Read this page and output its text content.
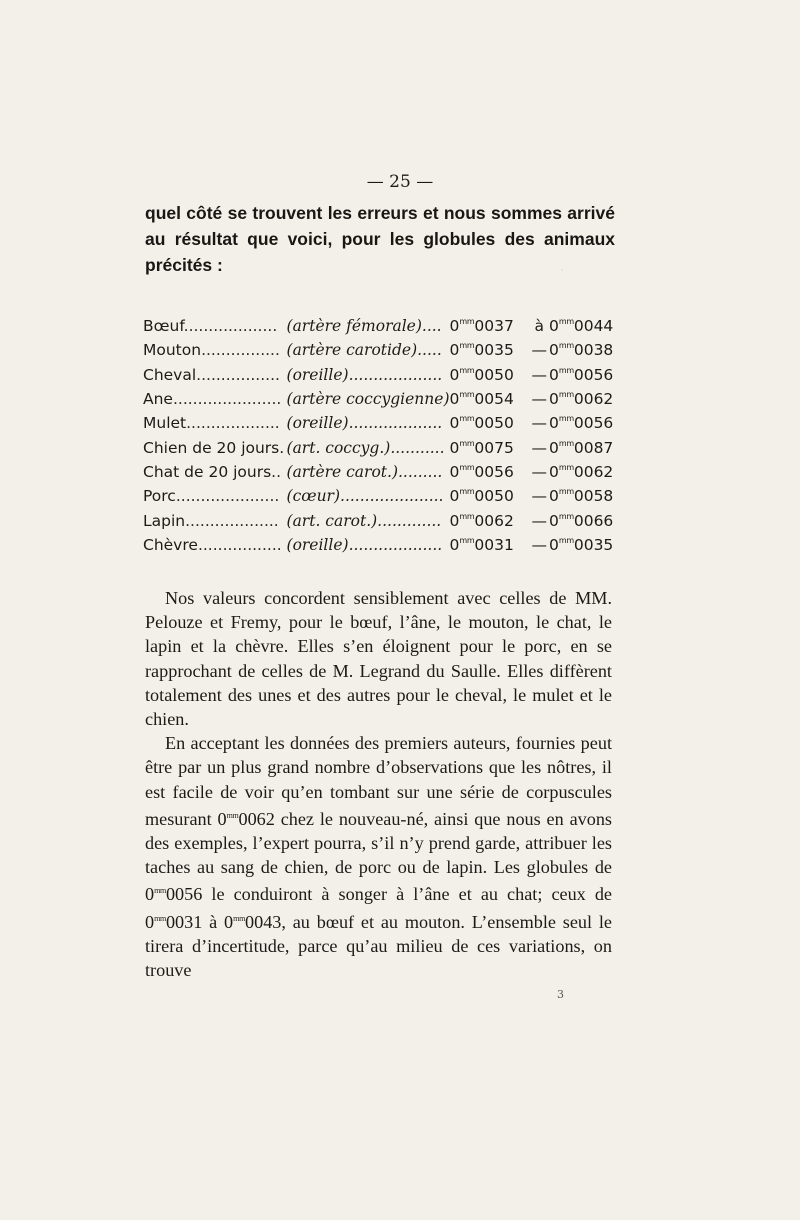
.
— 25 —
quel côté se trouvent les erreurs et nous sommes arrivé au résultat que voici, pour les globules des animaux précités :
Bœuf...................	(artère fémorale)....	$0^{mm}0037$	à	$0^{mm}0044$
Mouton................	(artère carotide).....	$0^{mm}0035$	—	$0^{mm}0038$
Cheval.................	(oreille)...................	$0^{mm}0050$	—	$0^{mm}0056$
Ane......................	(artère coccygienne)	$0^{mm}0054$	—	$0^{mm}0062$
Mulet...................	(oreille)...................	$0^{mm}0050$	—	$0^{mm}0056$
Chien de 20 jours.	(art. coccyg.)...........	$0^{mm}0075$	—	$0^{mm}0087$
Chat de 20 jours..	(artère carot.).........	$0^{mm}0056$	—	$0^{mm}0062$
Porc.....................	(cœur).....................	$0^{mm}0050$	—	$0^{mm}0058$
Lapin...................	(art. carot.).............	$0^{mm}0062$	—	$0^{mm}0066$
Chèvre.................	(oreille)...................	$0^{mm}0031$	—	$0^{mm}0035$

Nos valeurs concordent sensiblement avec celles de MM. Pelouze et Fremy, pour le bœuf, l’âne, le mouton, le chat, le lapin et la chèvre. Elles s’en éloignent pour le porc, en se rapprochant de celles de M. Legrand du Saulle. Elles diffèrent totalement des unes et des autres pour le cheval, le mulet et le chien.

En acceptant les données des premiers auteurs, fournies peut être par un plus grand nombre d’observations que les nôtres, il est facile de voir qu’en tombant sur une série de corpuscules mesurant $0^{mm}0062$ chez le nouveau-né, ainsi que nous en avons des exemples, l’expert pourra, s’il n’y prend garde, attribuer les taches au sang de chien, de porc ou de lapin. Les globules de $0^{mm}0056$ le conduiront à songer à l’âne et au chat; ceux de $0^{mm}0031$ à $0^{mm}0043$, au bœuf et au mouton. L’ensemble seul le tirera d’incertitude, parce qu’au milieu de ces variations, on trouve

3
